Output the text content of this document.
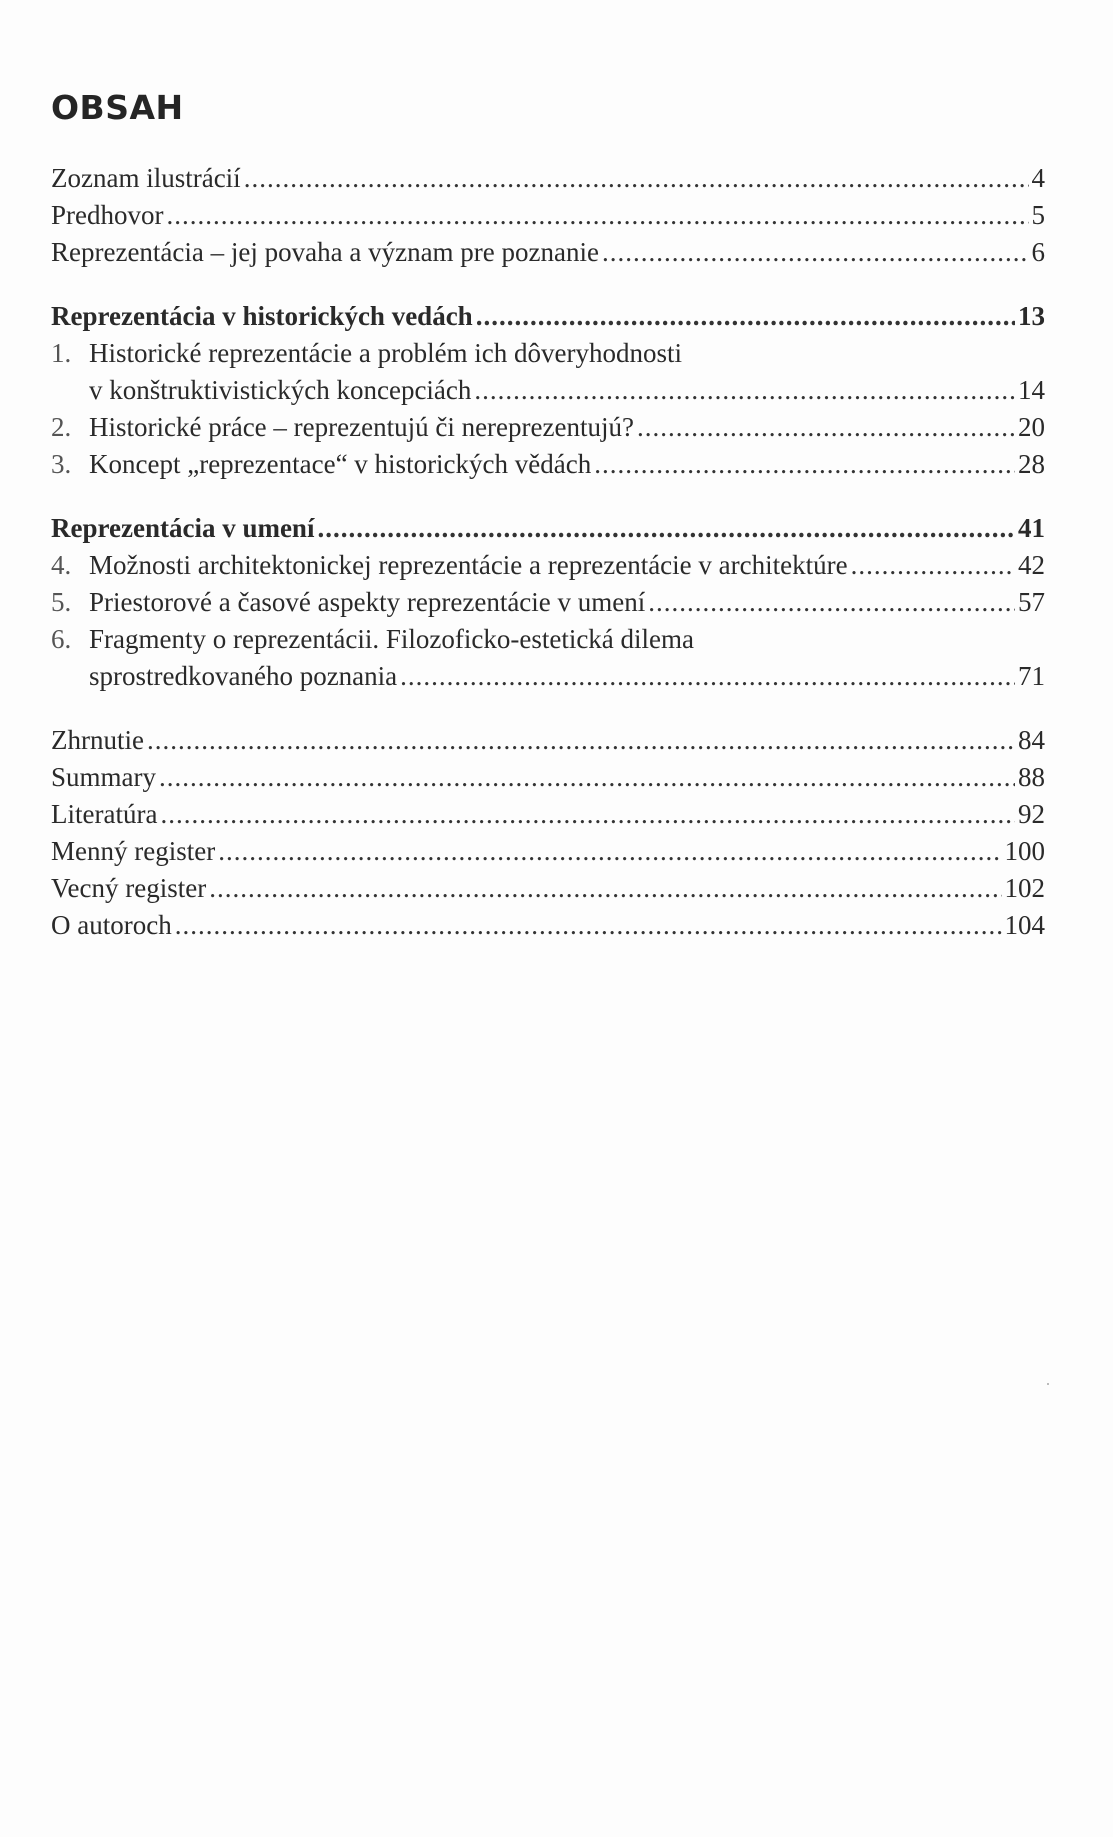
OBSAH
Zoznam ilustrácií .....	4
Predhovor .....	5
Reprezentácia – jej povaha a význam pre poznanie .....	6
Reprezentácia v historických vedách .....	13
1. Historické reprezentácie a problém ich dôveryhodnosti
v konštruktivistických koncepciách .....	14
2. Historické práce – reprezentujú či nereprezentujú? .....	20
3. Koncept „reprezentace“ v historických vědách .....	28
Reprezentácia v umení .....	41
4. Možnosti architektonickej reprezentácie a reprezentácie v architektúre .....	42
5. Priestorové a časové aspekty reprezentácie v umení .....	57
6. Fragmenty o reprezentácii. Filozoficko-estetická dilema
sprostredkovaného poznania .....	71
Zhrnutie .....	84
Summary .....	88
Literatúra .....	92
Menný register .....	100
Vecný register .....	102
O autoroch .....	104
